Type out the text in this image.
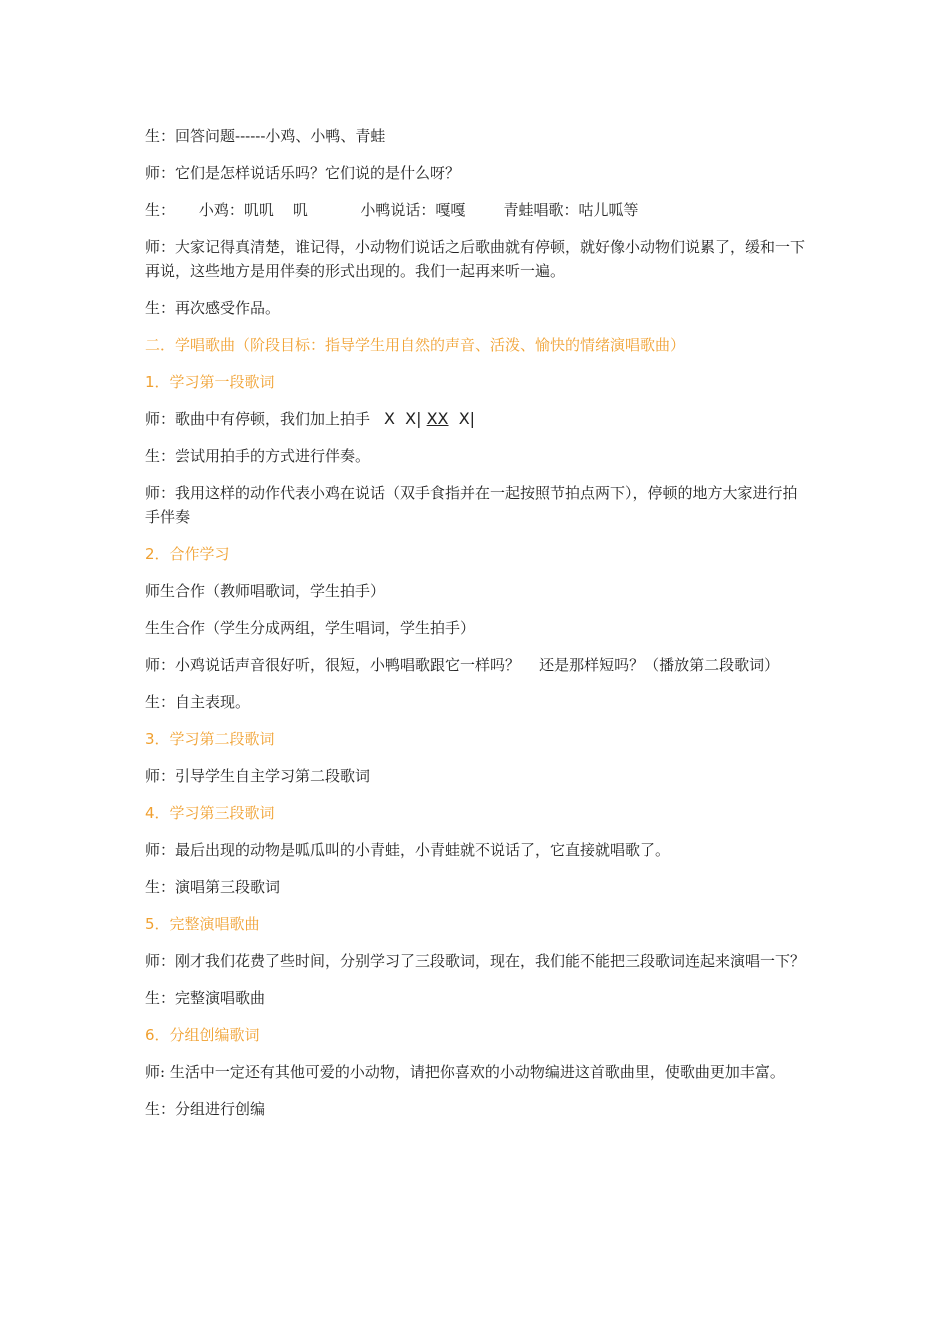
生：回答问题------小鸡、小鸭、青蛙

师：它们是怎样说话乐吗？它们说的是什么呀？

生：     小鸡：叽叽    叽           小鸭说话：嘎嘎        青蛙唱歌：咕儿呱等

师：大家记得真清楚，谁记得，小动物们说话之后歌曲就有停顿，就好像小动物们说累了，缓和一下再说，这些地方是用伴奏的形式出现的。我们一起再来听一遍。

生：再次感受作品。

二．学唱歌曲（阶段目标：指导学生用自然的声音、活泼、愉快的情绪演唱歌曲）

1．学习第一段歌词

师：歌曲中有停顿，我们加上拍手 X  X| XX  X|

生：尝试用拍手的方式进行伴奏。

师：我用这样的动作代表小鸡在说话（双手食指并在一起按照节拍点两下），停顿的地方大家进行拍手伴奏

2．合作学习

师生合作（教师唱歌词，学生拍手）

生生合作（学生分成两组，学生唱词，学生拍手）

师：小鸡说话声音很好听，很短，小鸭唱歌跟它一样吗？    还是那样短吗？（播放第二段歌词）

生：自主表现。

3．学习第二段歌词

师：引导学生自主学习第二段歌词

4．学习第三段歌词

师：最后出现的动物是呱瓜叫的小青蛙，小青蛙就不说话了，它直接就唱歌了。

生：演唱第三段歌词

5．完整演唱歌曲

师：刚才我们花费了些时间，分别学习了三段歌词，现在，我们能不能把三段歌词连起来演唱一下？

生：完整演唱歌曲

6．分组创编歌词

师: 生活中一定还有其他可爱的小动物，请把你喜欢的小动物编进这首歌曲里，使歌曲更加丰富。

生：分组进行创编
